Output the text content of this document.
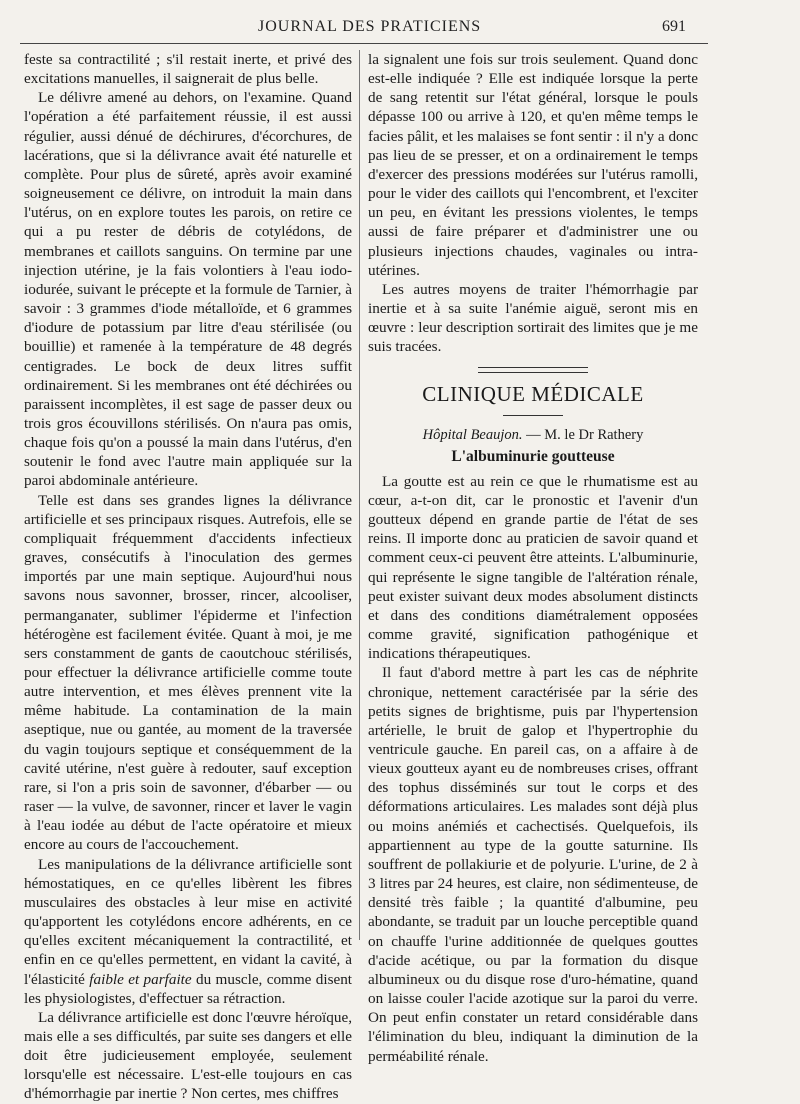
JOURNAL DES PRATICIENS	691

feste sa contractilité ; s'il restait inerte, et privé des excitations manuelles, il saignerait de plus belle.

Le délivre amené au dehors, on l'examine. Quand l'opération a été parfaitement réussie, il est aussi régulier, aussi dénué de déchirures, d'écorchures, de lacérations, que si la délivrance avait été naturelle et complète. Pour plus de sûreté, après avoir examiné soigneusement ce délivre, on introduit la main dans l'utérus, on en explore toutes les parois, on retire ce qui a pu rester de débris de cotylédons, de membranes et caillots sanguins. On termine par une injection utérine, je la fais volontiers à l'eau iodo-iodurée, suivant le précepte et la formule de Tarnier, à savoir : 3 grammes d'iode métalloïde, et 6 grammes d'iodure de potassium par litre d'eau stérilisée (ou bouillie) et ramenée à la température de 48 degrés centigrades. Le bock de deux litres suffit ordinairement. Si les membranes ont été déchirées ou paraissent incomplètes, il est sage de passer deux ou trois gros écouvillons stérilisés. On n'aura pas omis, chaque fois qu'on a poussé la main dans l'utérus, d'en soutenir le fond avec l'autre main appliquée sur la paroi abdominale antérieure.

Telle est dans ses grandes lignes la délivrance artificielle et ses principaux risques. Autrefois, elle se compliquait fréquemment d'accidents infectieux graves, consécutifs à l'inoculation des germes importés par une main septique. Aujourd'hui nous savons nous savonner, brosser, rincer, alcooliser, permanganater, sublimer l'épiderme et l'infection hétérogène est facilement évitée. Quant à moi, je me sers constamment de gants de caoutchouc stérilisés, pour effectuer la délivrance artificielle comme toute autre intervention, et mes élèves prennent vite la même habitude. La contamination de la main aseptique, nue ou gantée, au moment de la traversée du vagin toujours septique et conséquemment de la cavité utérine, n'est guère à redouter, sauf exception rare, si l'on a pris soin de savonner, d'ébarber — ou raser — la vulve, de savonner, rincer et laver le vagin à l'eau iodée au début de l'acte opératoire et mieux encore au cours de l'accouchement.

Les manipulations de la délivrance artificielle sont hémostatiques, en ce qu'elles libèrent les fibres musculaires des obstacles à leur mise en activité qu'apportent les cotylédons encore adhérents, en ce qu'elles excitent mécaniquement la contractilité, et enfin en ce qu'elles permettent, en vidant la cavité, à l'élasticité faible et parfaite du muscle, comme disent les physiologistes, d'effectuer sa rétraction.

La délivrance artificielle est donc l'œuvre héroïque, mais elle a ses difficultés, par suite ses dangers et elle doit être judicieusement employée, seulement lorsqu'elle est nécessaire. L'est-elle toujours en cas d'hémorrhagie par inertie ? Non certes, mes chiffres

la signalent une fois sur trois seulement. Quand donc est-elle indiquée ? Elle est indiquée lorsque la perte de sang retentit sur l'état général, lorsque le pouls dépasse 100 ou arrive à 120, et qu'en même temps le facies pâlit, et les malaises se font sentir : il n'y a donc pas lieu de se presser, et on a ordinairement le temps d'exercer des pressions modérées sur l'utérus ramolli, pour le vider des caillots qui l'encombrent, et l'exciter un peu, en évitant les pressions violentes, le temps aussi de faire préparer et d'administrer une ou plusieurs injections chaudes, vaginales ou intra-utérines.

Les autres moyens de traiter l'hémorrhagie par inertie et à sa suite l'anémie aiguë, seront mis en œuvre : leur description sortirait des limites que je me suis tracées.

CLINIQUE MÉDICALE
Hôpital Beaujon. — M. le Dr Rathery
L'albuminurie goutteuse

La goutte est au rein ce que le rhumatisme est au cœur, a-t-on dit, car le pronostic et l'avenir d'un goutteux dépend en grande partie de l'état de ses reins. Il importe donc au praticien de savoir quand et comment ceux-ci peuvent être atteints. L'albuminurie, qui représente le signe tangible de l'altération rénale, peut exister suivant deux modes absolument distincts et dans des conditions diamétralement opposées comme gravité, signification pathogénique et indications thérapeutiques.

Il faut d'abord mettre à part les cas de néphrite chronique, nettement caractérisée par la série des petits signes de brightisme, puis par l'hypertension artérielle, le bruit de galop et l'hypertrophie du ventricule gauche. En pareil cas, on a affaire à de vieux goutteux ayant eu de nombreuses crises, offrant des tophus disséminés sur tout le corps et des déformations articulaires. Les malades sont déjà plus ou moins anémiés et cachectisés. Quelquefois, ils appartiennent au type de la goutte saturnine. Ils souffrent de pollakiurie et de polyurie. L'urine, de 2 à 3 litres par 24 heures, est claire, non sédimenteuse, de densité très faible ; la quantité d'albumine, peu abondante, se traduit par un louche perceptible quand on chauffe l'urine additionnée de quelques gouttes d'acide acétique, ou par la formation du disque albumineux ou du disque rose d'uro-hématine, quand on laisse couler l'acide azotique sur la paroi du verre. On peut enfin constater un retard considérable dans l'élimination du bleu, indiquant la diminution de la perméabilité rénale.
